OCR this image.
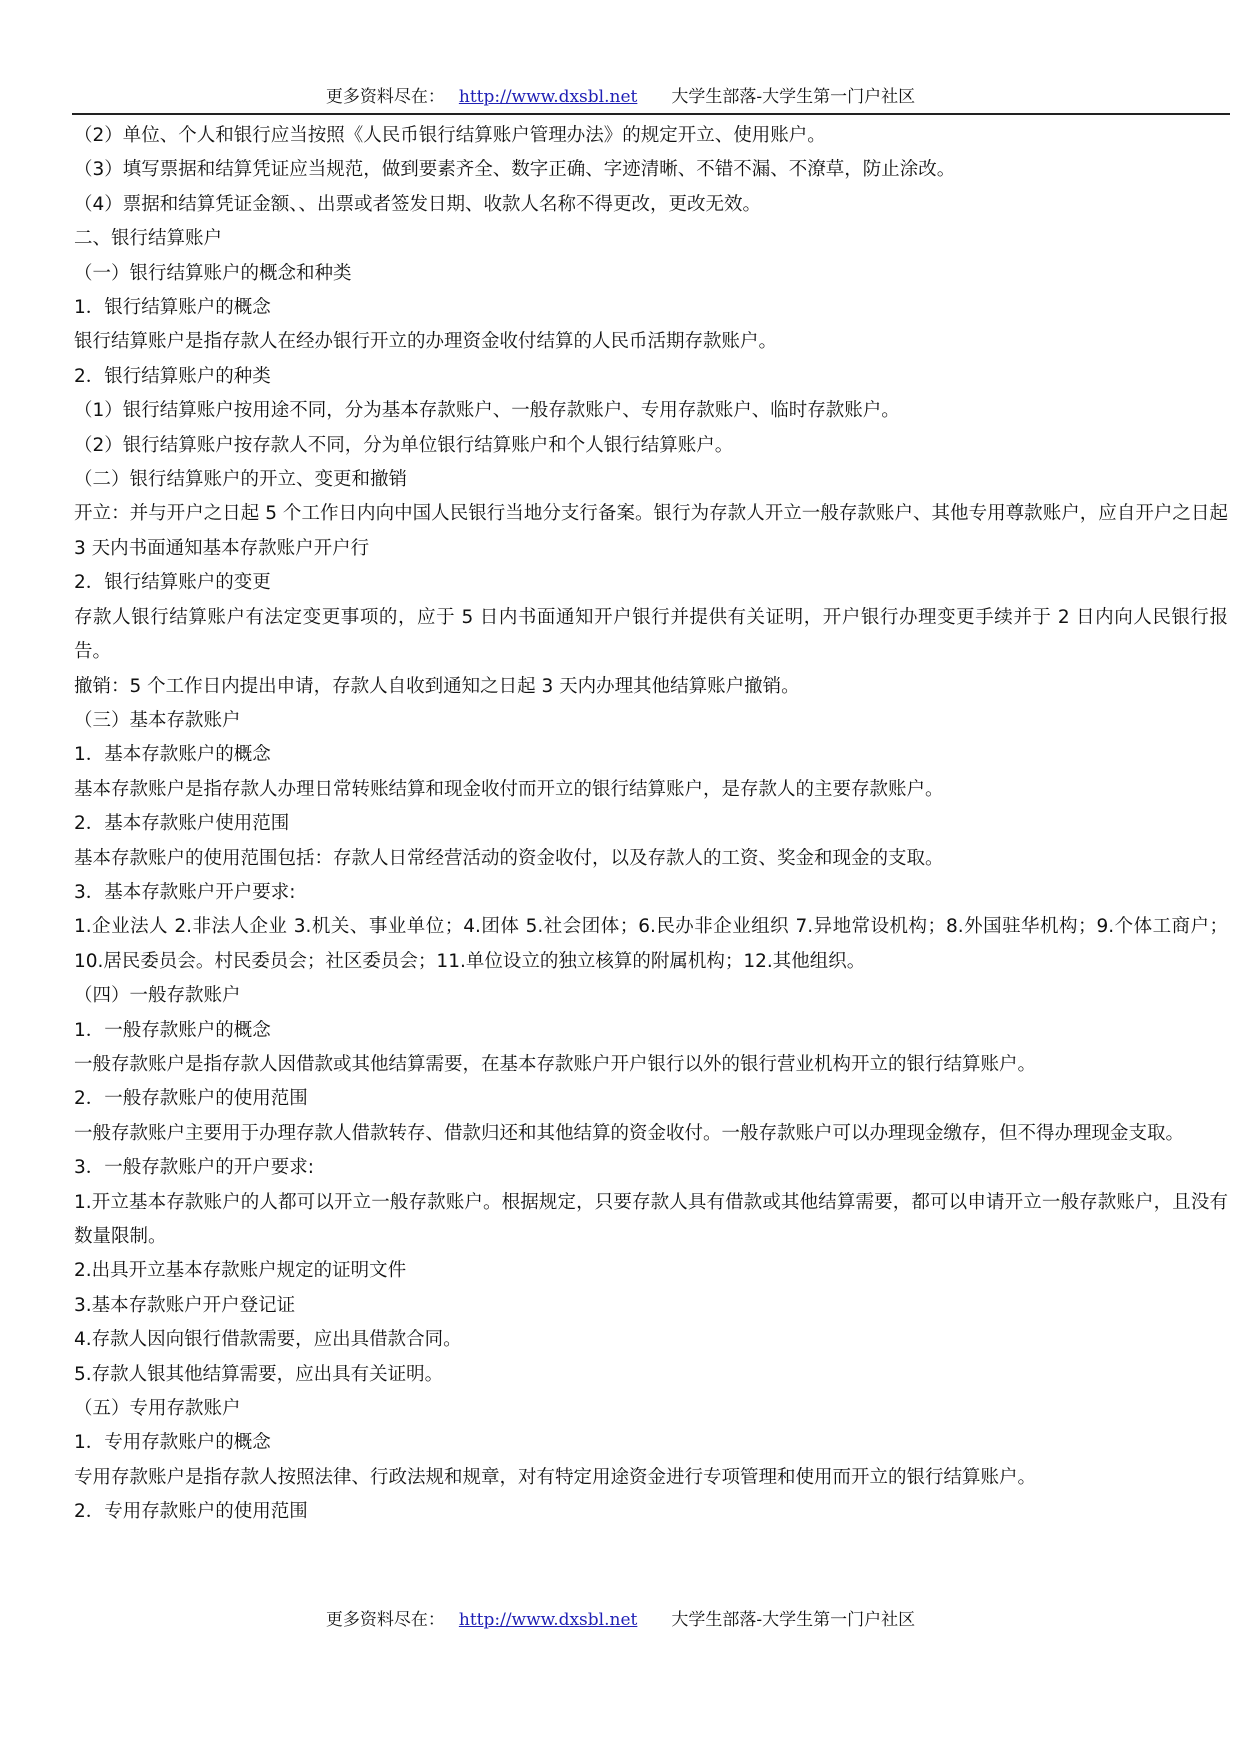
更多资料尽在： http://www.dxsbl.net 大学生部落-大学生第一门户社区

（2）单位、个人和银行应当按照《人民币银行结算账户管理办法》的规定开立、使用账户。

（3）填写票据和结算凭证应当规范，做到要素齐全、数字正确、字迹清晰、不错不漏、不潦草，防止涂改。

（4）票据和结算凭证金额、、出票或者签发日期、收款人名称不得更改，更改无效。

二、银行结算账户

（一）银行结算账户的概念和种类

1．银行结算账户的概念

银行结算账户是指存款人在经办银行开立的办理资金收付结算的人民币活期存款账户。

2．银行结算账户的种类

（1）银行结算账户按用途不同，分为基本存款账户、一般存款账户、专用存款账户、临时存款账户。

（2）银行结算账户按存款人不同，分为单位银行结算账户和个人银行结算账户。

（二）银行结算账户的开立、变更和撤销

开立：并与开户之日起 5 个工作日内向中国人民银行当地分支行备案。银行为存款人开立一般存款账户、其他专用尊款账户，应自开户之日起 3 天内书面通知基本存款账户开户行

2．银行结算账户的变更

存款人银行结算账户有法定变更事项的，应于 5 日内书面通知开户银行并提供有关证明，开户银行办理变更手续并于 2 日内向人民银行报告。

撤销：5 个工作日内提出申请，存款人自收到通知之日起 3 天内办理其他结算账户撤销。

（三）基本存款账户

1．基本存款账户的概念

基本存款账户是指存款人办理日常转账结算和现金收付而开立的银行结算账户，是存款人的主要存款账户。

2．基本存款账户使用范围

基本存款账户的使用范围包括：存款人日常经营活动的资金收付，以及存款人的工资、奖金和现金的支取。

3．基本存款账户开户要求:

1.企业法人 2.非法人企业 3.机关、事业单位；4.团体 5.社会团体；6.民办非企业组织 7.异地常设机构；8.外国驻华机构；9.个体工商户；10.居民委员会。村民委员会；社区委员会；11.单位设立的独立核算的附属机构；12.其他组织。

（四）一般存款账户

1．一般存款账户的概念

一般存款账户是指存款人因借款或其他结算需要，在基本存款账户开户银行以外的银行营业机构开立的银行结算账户。

2．一般存款账户的使用范围

一般存款账户主要用于办理存款人借款转存、借款归还和其他结算的资金收付。一般存款账户可以办理现金缴存，但不得办理现金支取。

3．一般存款账户的开户要求:

1.开立基本存款账户的人都可以开立一般存款账户。根据规定，只要存款人具有借款或其他结算需要，都可以申请开立一般存款账户，且没有数量限制。

2.出具开立基本存款账户规定的证明文件

3.基本存款账户开户登记证

4.存款人因向银行借款需要，应出具借款合同。

5.存款人银其他结算需要，应出具有关证明。

（五）专用存款账户

1．专用存款账户的概念

专用存款账户是指存款人按照法律、行政法规和规章，对有特定用途资金进行专项管理和使用而开立的银行结算账户。

2．专用存款账户的使用范围

更多资料尽在： http://www.dxsbl.net 大学生部落-大学生第一门户社区
